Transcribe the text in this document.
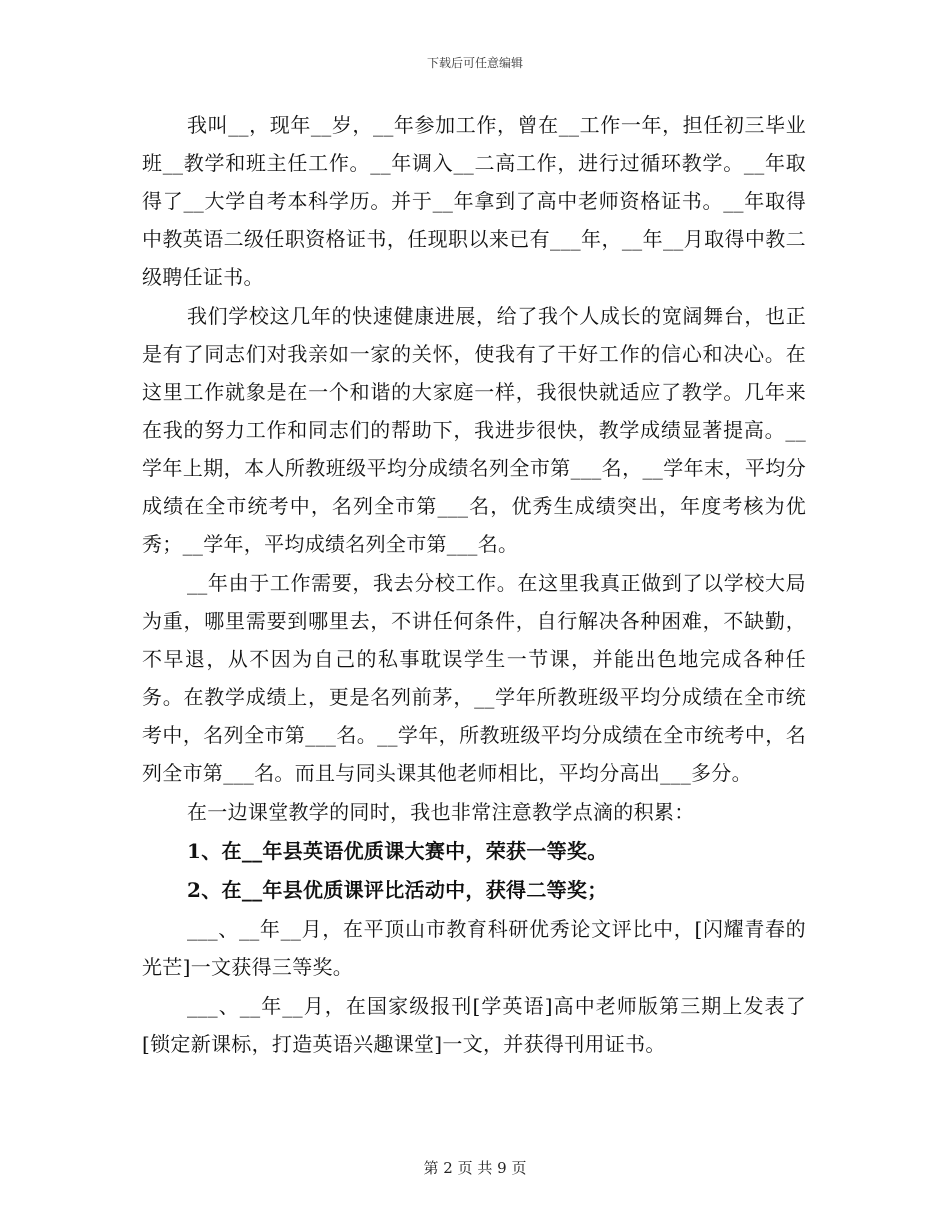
下载后可任意编辑

我叫__，现年__岁，__年参加工作，曾在__工作一年，担任初三毕业班__教学和班主任工作。__年调入__二高工作，进行过循环教学。__年取得了__大学自考本科学历。并于__年拿到了高中老师资格证书。__年取得中教英语二级任职资格证书，任现职以来已有___年，__年__月取得中教二级聘任证书。

我们学校这几年的快速健康进展，给了我个人成长的宽阔舞台，也正是有了同志们对我亲如一家的关怀，使我有了干好工作的信心和决心。在这里工作就象是在一个和谐的大家庭一样，我很快就适应了教学。几年来在我的努力工作和同志们的帮助下，我进步很快，教学成绩显著提高。__学年上期，本人所教班级平均分成绩名列全市第___名，__学年末，平均分成绩在全市统考中，名列全市第___名，优秀生成绩突出，年度考核为优秀；__学年，平均成绩名列全市第___名。

__年由于工作需要，我去分校工作。在这里我真正做到了以学校大局为重，哪里需要到哪里去，不讲任何条件，自行解决各种困难，不缺勤，不早退，从不因为自己的私事耽误学生一节课，并能出色地完成各种任务。在教学成绩上，更是名列前茅，__学年所教班级平均分成绩在全市统考中，名列全市第___名。__学年，所教班级平均分成绩在全市统考中，名列全市第___名。而且与同头课其他老师相比，平均分高出___多分。

在一边课堂教学的同时，我也非常注意教学点滴的积累：

1、在__年县英语优质课大赛中，荣获一等奖。

2、在__年县优质课评比活动中，获得二等奖；

___、__年__月，在平顶山市教育科研优秀论文评比中，[闪耀青春的光芒]一文获得三等奖。

___、__年__月，在国家级报刊[学英语]高中老师版第三期上发表了[锁定新课标，打造英语兴趣课堂]一文，并获得刊用证书。

第 2 页 共 9 页
